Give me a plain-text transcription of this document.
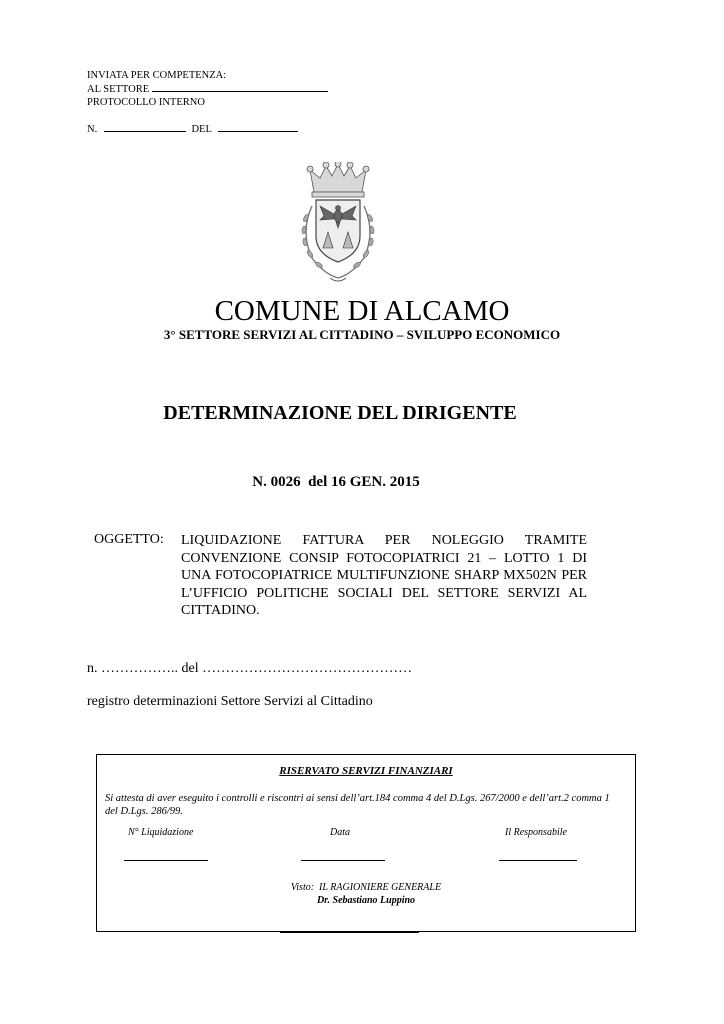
INVIATA PER COMPETENZA:
AL SETTORE
PROTOCOLLO INTERNO
N.	DEL
COMUNE DI ALCAMO
3° SETTORE SERVIZI AL CITTADINO – SVILUPPO ECONOMICO
DETERMINAZIONE DEL DIRIGENTE
N. 0026  del 16 GEN. 2015
OGGETTO: LIQUIDAZIONE FATTURA PER NOLEGGIO TRAMITE CONVENZIONE CONSIP FOTOCOPIATRICI 21 – LOTTO 1 DI UNA FOTOCOPIATRICE MULTIFUNZIONE SHARP MX502N PER L’UFFICIO POLITICHE SOCIALI DEL SETTORE SERVIZI AL CITTADINO.
n. …………….. del ………………………………………
registro determinazioni Settore Servizi al Cittadino
RISERVATO SERVIZI FINANZIARI
Si attesta di aver eseguito i controlli e riscontri ai sensi dell’art.184 comma 4 del D.Lgs. 267/2000 e dell’art.2 comma 1 del D.Lgs. 286/99.
N° Liquidazione	Data	Il Responsabile
Visto:  IL RAGIONIERE GENERALE
Dr. Sebastiano Luppino
